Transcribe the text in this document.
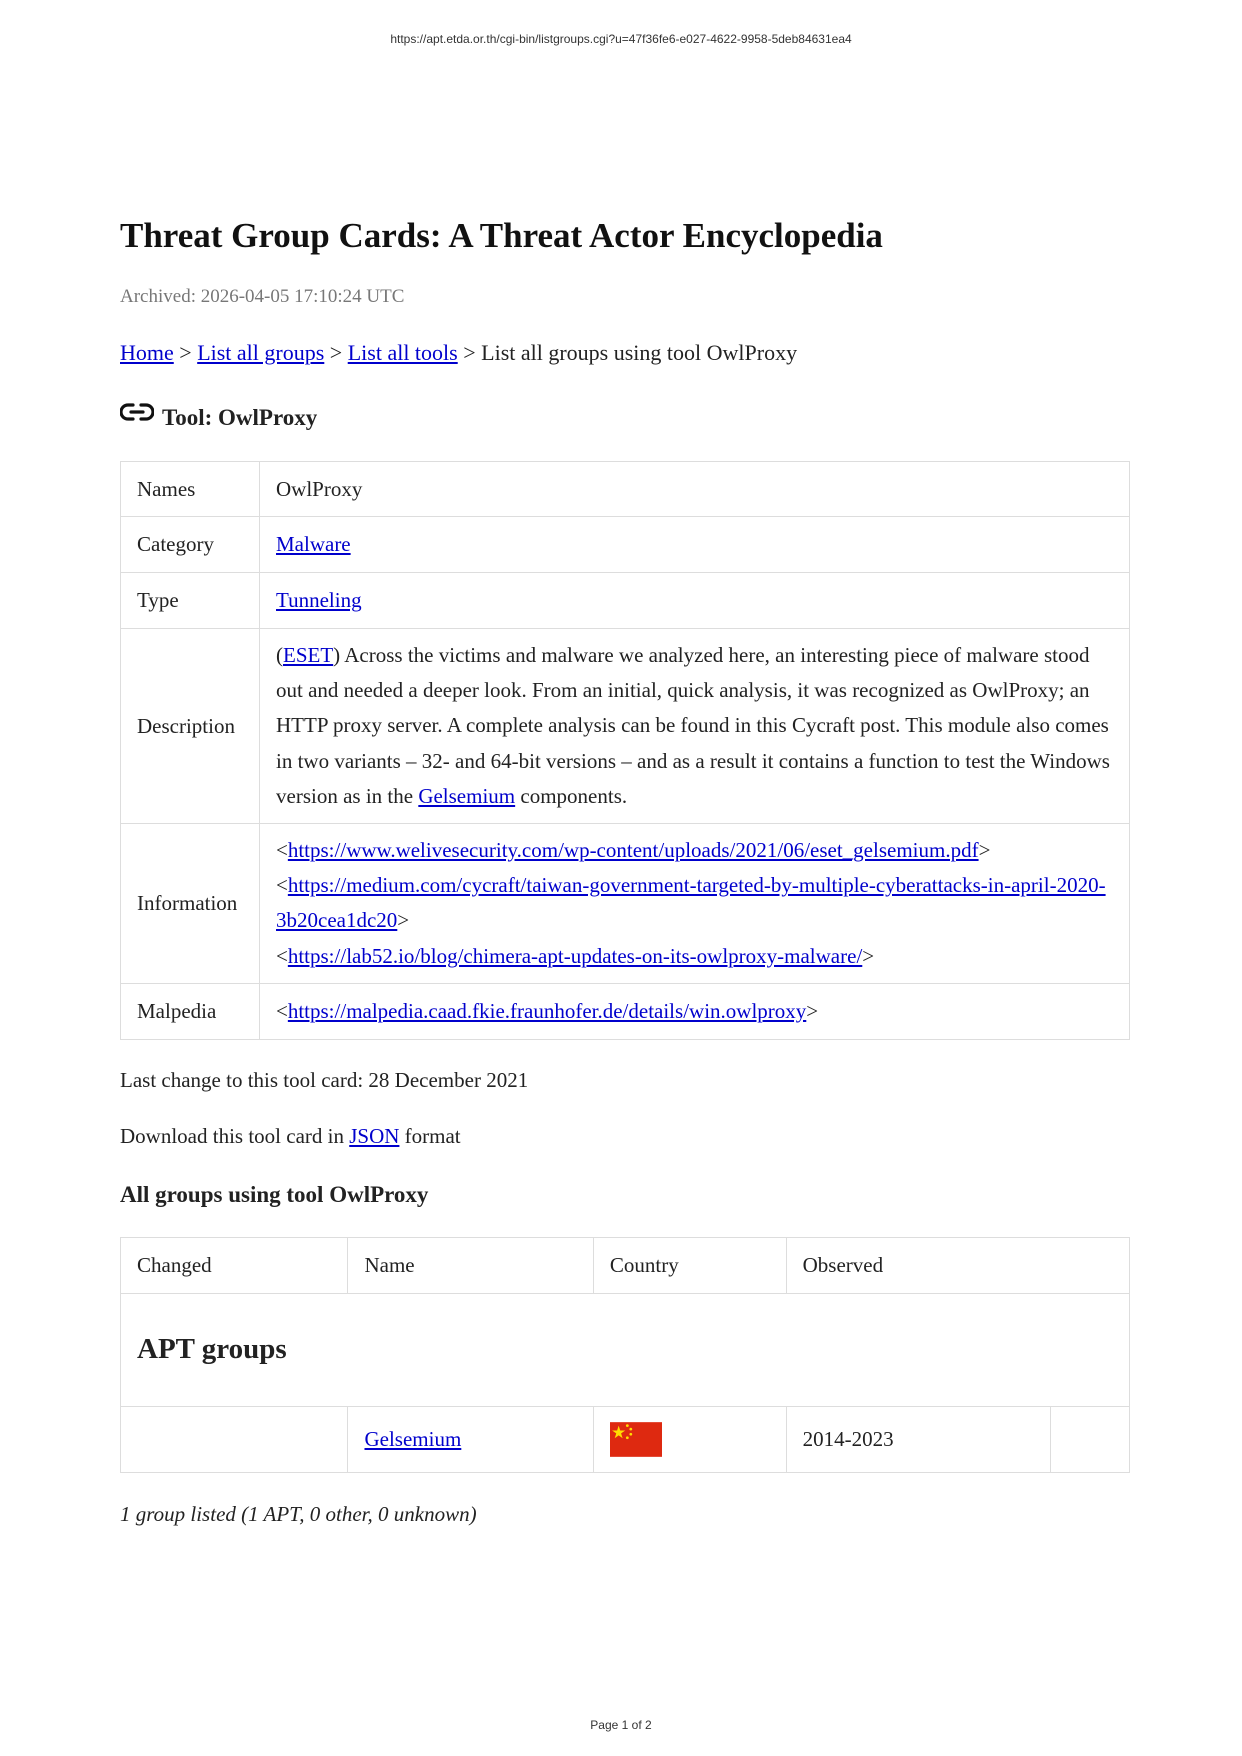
https://apt.etda.or.th/cgi-bin/listgroups.cgi?u=47f36fe6-e027-4622-9958-5deb84631ea4
Threat Group Cards: A Threat Actor Encyclopedia
Archived: 2026-04-05 17:10:24 UTC
Home > List all groups > List all tools > List all groups using tool OwlProxy
Tool: OwlProxy
Names	OwlProxy
Category	Malware
Type	Tunneling
Description	(ESET) Across the victims and malware we analyzed here, an interesting piece of malware stood out and needed a deeper look. From an initial, quick analysis, it was recognized as OwlProxy; an HTTP proxy server. A complete analysis can be found in this Cycraft post. This module also comes in two variants – 32- and 64-bit versions – and as a result it contains a function to test the Windows version as in the Gelsemium components.
Information	<https://www.welivesecurity.com/wp-content/uploads/2021/06/eset_gelsemium.pdf>
<https://medium.com/cycraft/taiwan-government-targeted-by-multiple-cyberattacks-in-april-2020-3b20cea1dc20>
<https://lab52.io/blog/chimera-apt-updates-on-its-owlproxy-malware/>

Malpedia	<https://malpedia.caad.fkie.fraunhofer.de/details/win.owlproxy>
Last change to this tool card: 28 December 2021
Download this tool card in JSON format
All groups using tool OwlProxy
Changed	Name	Country	Observed	
APT groups				
	Gelsemium		2014-2023	
1 group listed (1 APT, 0 other, 0 unknown)
Page 1 of 2
